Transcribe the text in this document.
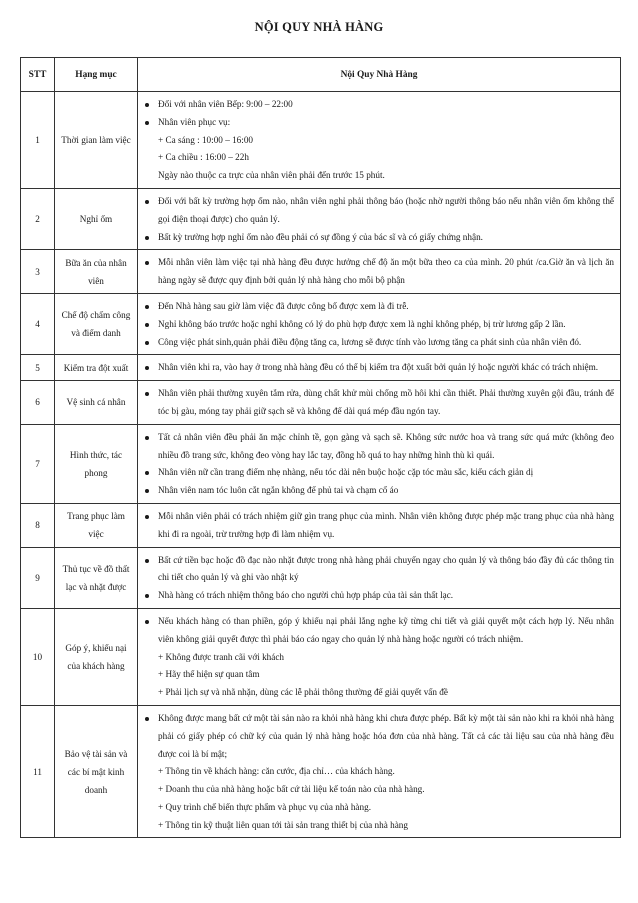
NỘI QUY NHÀ HÀNG
STT	Hạng mục	Nội Quy Nhà Hàng
1	Thời gian làm việc	Đối với nhân viên Bếp: 9:00 – 22:00
Nhân viên phục vụ:
+ Ca sáng : 10:00 – 16:00
+ Ca chiều : 16:00 – 22h
Ngày nào thuộc ca trực của nhân viên phải đến trước 15 phút.

2	Nghỉ ốm	Đối với bất kỳ trường hợp ốm nào, nhân viên nghỉ phải thông báo (hoặc nhờ người thông báo nếu nhân viên ốm không thể gọi điện thoại được) cho quản lý.
Bất kỳ trường hợp nghỉ ốm nào đều phải có sự đồng ý của bác sĩ và có giấy chứng nhận.

3	Bữa ăn của nhân viên	Mỗi nhân viên làm việc tại nhà hàng đều được hưởng chế độ ăn một bữa theo ca của mình. 20 phút /ca.Giờ ăn và lịch ăn hàng ngày sẽ được quy định bởi quản lý nhà hàng cho mỗi bộ phận

4	Chế độ chấm công và điểm danh	Đến Nhà hàng sau giờ làm việc đã được công bố được xem là đi trễ.
Nghỉ không báo trước hoặc nghỉ không có lý do phù hợp được xem là nghỉ không phép, bị trừ lương gấp 2 lần.
Công việc phát sinh,quản phải điều động tăng ca, lương sẽ được tính vào lương tăng ca phát sinh của nhân viên đó.

5	Kiểm tra đột xuất	Nhân viên khi ra, vào hay ở trong nhà hàng đều có thể bị kiểm tra đột xuất bởi quản lý hoặc người khác có trách nhiệm.

6	Vệ sinh cá nhân	Nhân viên phải thường xuyên tắm rửa, dùng chất khử mùi chống mồ hôi khi cần thiết. Phải thường xuyên gội đầu, tránh để tóc bị gàu, móng tay phải giữ sạch sẽ và không để dài quá mép đầu ngón tay.

7	Hình thức, tác phong	Tất cả nhân viên đều phải ăn mặc chỉnh tề, gọn gàng và sạch sẽ. Không sức nước hoa và trang sức quá mức (không đeo nhiều đồ trang sức, không đeo vòng hay lắc tay, đồng hồ quá to hay những hình thù kì quái.
Nhân viên nữ cần trang điểm nhẹ nhàng, nếu tóc dài nên buộc hoặc cặp tóc màu sắc, kiểu cách giản dị
Nhân viên nam tóc luôn cắt ngắn không để phủ tai và chạm cổ áo

8	Trang phục làm việc	Mỗi nhân viên phải có trách nhiệm giữ gìn trang phục của mình. Nhân viên không được phép mặc trang phục của nhà hàng khi đi ra ngoài, trừ trường hợp đi làm nhiệm vụ.

9	Thủ tục về đồ thất lạc và nhặt được	Bất cứ tiền bạc hoặc đồ đạc nào nhặt được trong nhà hàng phải chuyển ngay cho quản lý và thông báo đầy đủ các thông tin chi tiết cho quản lý và ghi vào nhật ký
Nhà hàng có trách nhiệm thông báo cho người chủ hợp pháp của tài sản thất lạc.

10	Góp ý, khiếu nại của khách hàng	Nếu khách hàng có than phiền, góp ý khiếu nại phải lắng nghe kỹ từng chi tiết và giải quyết một cách hợp lý. Nếu nhân viên không giải quyết được thì phải báo cáo ngay cho quản lý nhà hàng hoặc người có trách nhiệm.
+ Không được tranh cãi với khách
+ Hãy thể hiện sự quan tâm
+ Phải lịch sự và nhã nhặn, dùng các lễ phải thông thường để giải quyết vấn đề

11	Bảo vệ tài sản và các bí mật kinh doanh	Không được mang bất cứ một tài sản nào ra khỏi nhà hàng khi chưa được phép. Bất kỳ một tài sản nào khi ra khỏi nhà hàng phải có giấy phép có chữ ký của quản lý nhà hàng hoặc hóa đơn của nhà hàng. Tất cả các tài liệu sau của nhà hàng đều được coi là bí mật;
+ Thông tin về khách hàng: căn cước, địa chỉ… của khách hàng.
+ Doanh thu của nhà hàng hoặc bất cứ tài liệu kế toán nào của nhà hàng.
+ Quy trình chế biến thực phẩm và phục vụ của nhà hàng.
+ Thông tin kỹ thuật liên quan tới tài sản trang thiết bị của nhà hàng
